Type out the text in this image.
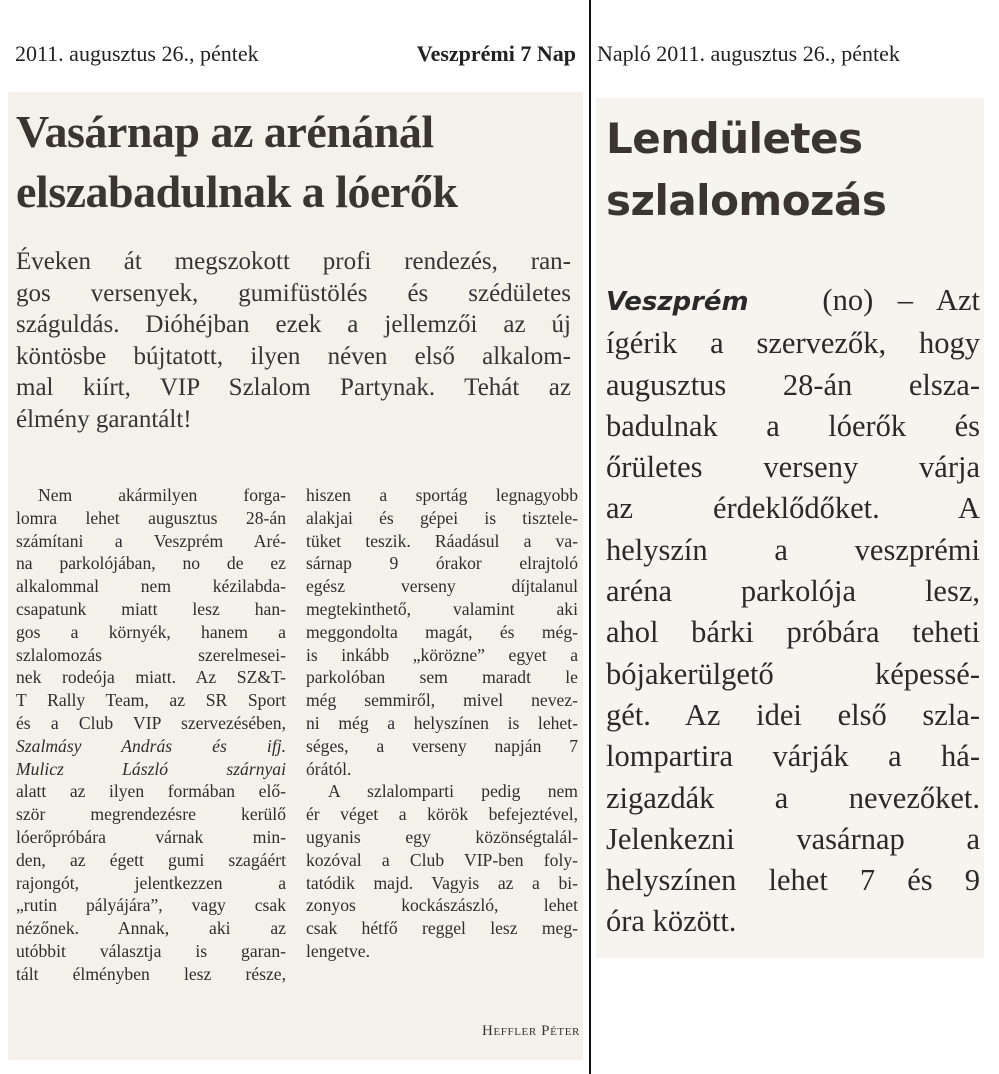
2011. augusztus 26., péntek	Veszprémi 7 Nap
Vasárnap az arénánál
elszabadulnak a lóerők
Éveken át megszokott profi rendezés, ran-
gos versenyek, gumifüstölés és szédületes
száguldás. Dióhéjban ezek a jellemzői az új
köntösbe bújtatott, ilyen néven első alkalom-
mal kiírt, VIP Szlalom Partynak. Tehát az
élmény garantált!
Nem akármilyen forga-
lomra lehet augusztus 28-án
számítani a Veszprém Aré-
na parkolójában, no de ez
alkalommal nem kézilabda-
csapatunk miatt lesz han-
gos a környék, hanem a
szlalomozás szerelmesei-
nek rodeója miatt. Az SZ&T-
T Rally Team, az SR Sport
és a Club VIP szervezésében,
Szalmásy András és ifj.
Mulicz László szárnyai
alatt az ilyen formában elő-
ször megrendezésre kerülő
lóerőpróbára várnak min-
den, az égett gumi szagáért
rajongót, jelentkezzen a
„rutin pályájára”, vagy csak
nézőnek. Annak, aki az
utóbbit választja is garan-
tált élményben lesz része,
hiszen a sportág legnagyobb
alakjai és gépei is tisztele-
tüket teszik. Ráadásul a va-
sárnap 9 órakor elrajtoló
egész verseny díjtalanul
megtekinthető, valamint aki
meggondolta magát, és még-
is inkább „körözne” egyet a
parkolóban sem maradt le
még semmiről, mivel nevez-
ni még a helyszínen is lehet-
séges, a verseny napján 7
órától.
A szlalomparti pedig nem
ér véget a körök befejeztével,
ugyanis egy közönségtalál-
kozóval a Club VIP-ben foly-
tatódik majd. Vagyis az a bi-
zonyos kockászászló, lehet
csak hétfő reggel lesz meg-
lengetve.
Heffler Péter
Napló 2011. augusztus 26., péntek
Lendületes
szlalomozás
Veszprém (no) – Azt
ígérik a szervezők, hogy
augusztus 28-án elsza-
badulnak a lóerők és
őrületes verseny várja
az érdeklődőket. A
helyszín a veszprémi
aréna parkolója lesz,
ahol bárki próbára teheti
bójakerülgető képessé-
gét. Az idei első szla-
lompartira várják a há-
zigazdák a nevezőket.
Jelenkezni vasárnap a
helyszínen lehet 7 és 9
óra között.
